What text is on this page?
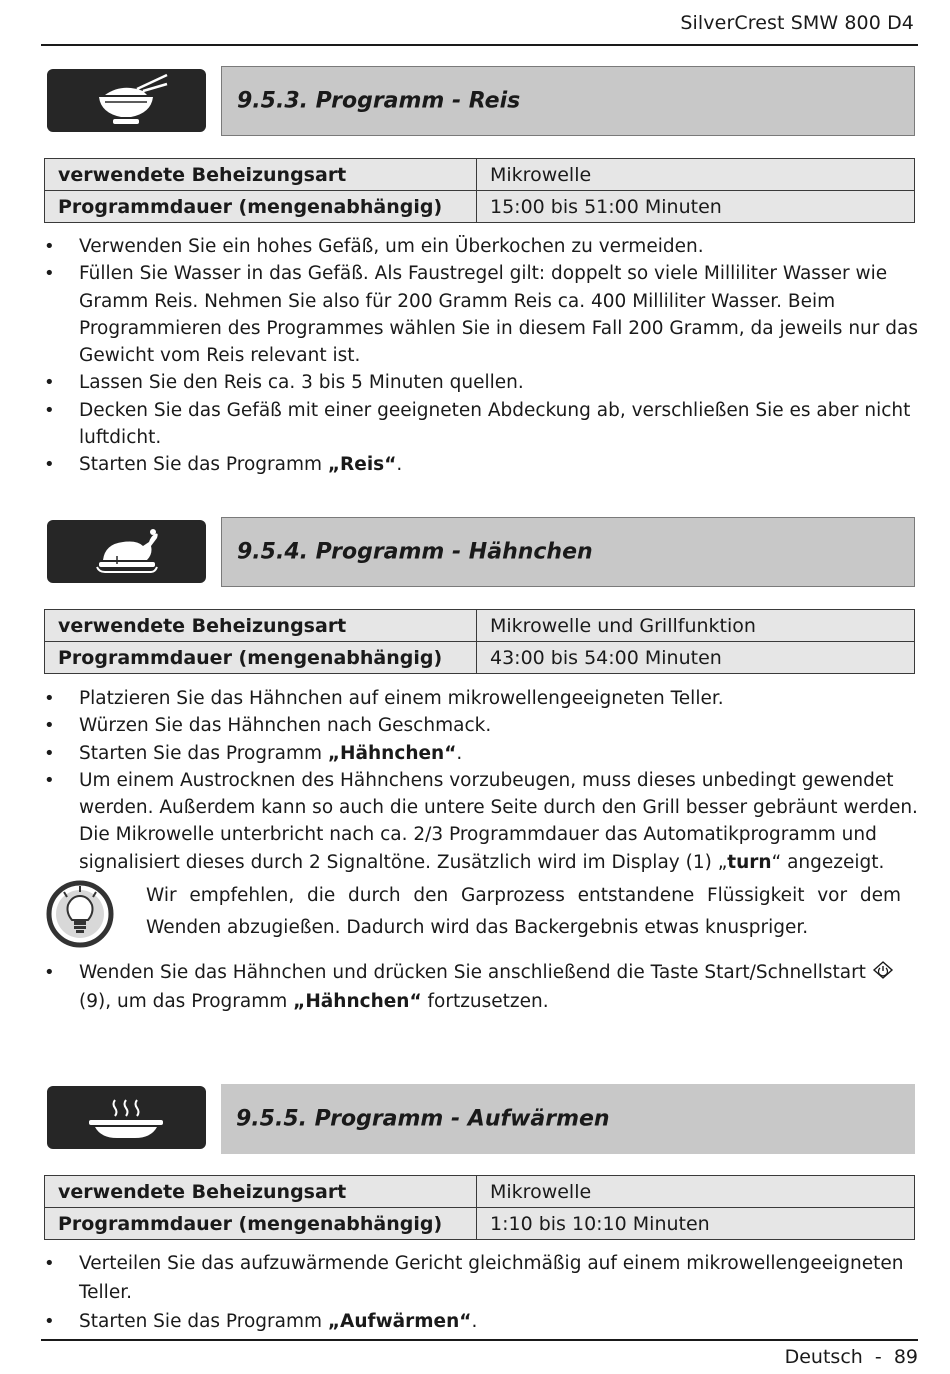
SilverCrest SMW 800 D4
9.5.3. Programm - Reis
verwendete Beheizungsart	Mikrowelle
Programmdauer (mengenabhängig)	15:00 bis 51:00 Minuten
• Verwenden Sie ein hohes Gefäß, um ein Überkochen zu vermeiden.
• Füllen Sie Wasser in das Gefäß. Als Faustregel gilt: doppelt so viele Milliliter Wasser wie Gramm Reis. Nehmen Sie also für 200 Gramm Reis ca. 400 Milliliter Wasser. Beim Programmieren des Programmes wählen Sie in diesem Fall 200 Gramm, da jeweils nur das Gewicht vom Reis relevant ist.
• Lassen Sie den Reis ca. 3 bis 5 Minuten quellen.
• Decken Sie das Gefäß mit einer geeigneten Abdeckung ab, verschließen Sie es aber nicht luftdicht.
• Starten Sie das Programm „Reis“.
9.5.4. Programm - Hähnchen
verwendete Beheizungsart	Mikrowelle und Grillfunktion
Programmdauer (mengenabhängig)	43:00 bis 54:00 Minuten
• Platzieren Sie das Hähnchen auf einem mikrowellengeeigneten Teller.
• Würzen Sie das Hähnchen nach Geschmack.
• Starten Sie das Programm „Hähnchen“.
• Um einem Austrocknen des Hähnchens vorzubeugen, muss dieses unbedingt gewendet werden. Außerdem kann so auch die untere Seite durch den Grill besser gebräunt werden. Die Mikrowelle unterbricht nach ca. 2/3 Programmdauer das Automatikprogramm und signalisiert dieses durch 2 Signaltöne. Zusätzlich wird im Display (1) „turn“ angezeigt.
Wir empfehlen, die durch den Garprozess entstandene Flüssigkeit vor dem Wenden abzugießen. Dadurch wird das Backergebnis etwas knuspriger.
• Wenden Sie das Hähnchen und drücken Sie anschließend die Taste Start/Schnellstart  (9), um das Programm „Hähnchen“ fortzusetzen.
9.5.5. Programm - Aufwärmen
verwendete Beheizungsart	Mikrowelle
Programmdauer (mengenabhängig)	1:10 bis 10:10 Minuten
• Verteilen Sie das aufzuwärmende Gericht gleichmäßig auf einem mikrowellengeeigneten Teller.
• Starten Sie das Programm „Aufwärmen“.
Deutsch  -  89
